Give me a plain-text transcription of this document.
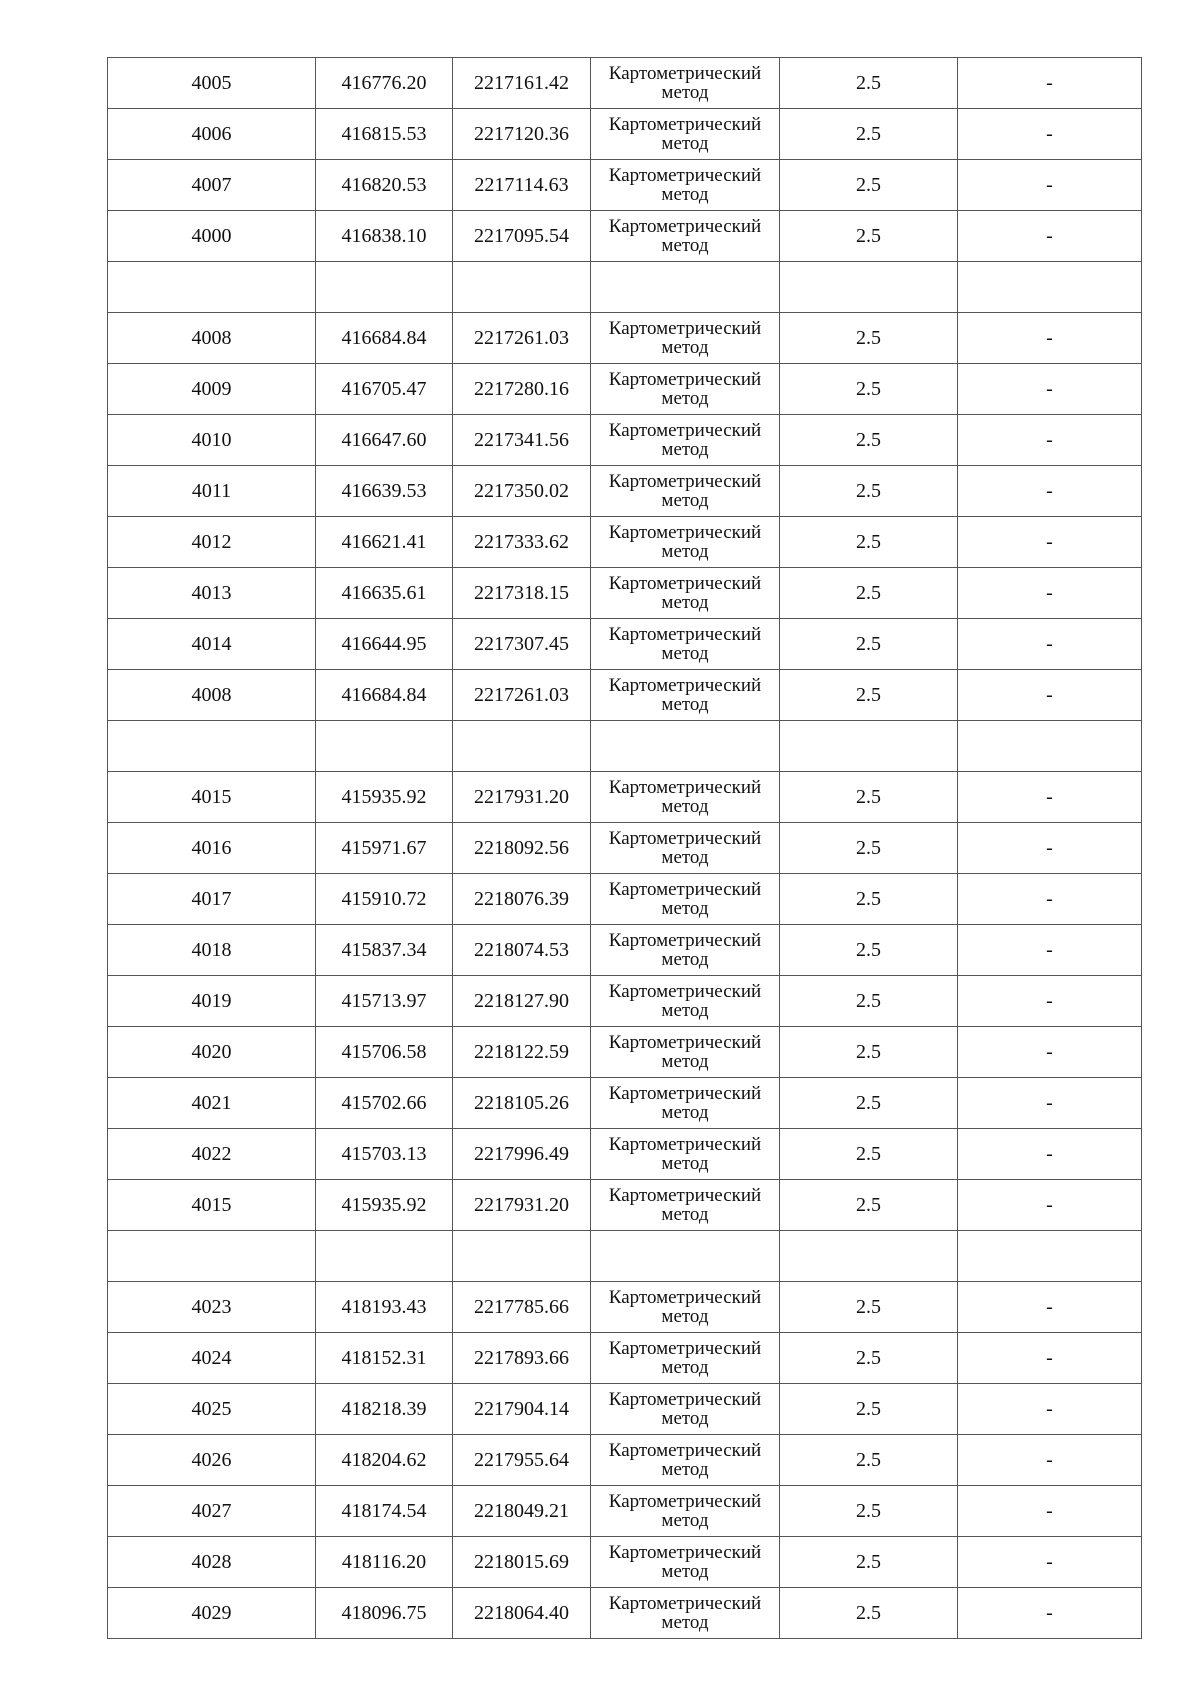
4005	416776.20	2217161.42	Картометрический метод	2.5	-
4006	416815.53	2217120.36	Картометрический метод	2.5	-
4007	416820.53	2217114.63	Картометрический метод	2.5	-
4000	416838.10	2217095.54	Картометрический метод	2.5	-

4008	416684.84	2217261.03	Картометрический метод	2.5	-
4009	416705.47	2217280.16	Картометрический метод	2.5	-
4010	416647.60	2217341.56	Картометрический метод	2.5	-
4011	416639.53	2217350.02	Картометрический метод	2.5	-
4012	416621.41	2217333.62	Картометрический метод	2.5	-
4013	416635.61	2217318.15	Картометрический метод	2.5	-
4014	416644.95	2217307.45	Картометрический метод	2.5	-
4008	416684.84	2217261.03	Картометрический метод	2.5	-

4015	415935.92	2217931.20	Картометрический метод	2.5	-
4016	415971.67	2218092.56	Картометрический метод	2.5	-
4017	415910.72	2218076.39	Картометрический метод	2.5	-
4018	415837.34	2218074.53	Картометрический метод	2.5	-
4019	415713.97	2218127.90	Картометрический метод	2.5	-
4020	415706.58	2218122.59	Картометрический метод	2.5	-
4021	415702.66	2218105.26	Картометрический метод	2.5	-
4022	415703.13	2217996.49	Картометрический метод	2.5	-
4015	415935.92	2217931.20	Картометрический метод	2.5	-

4023	418193.43	2217785.66	Картометрический метод	2.5	-
4024	418152.31	2217893.66	Картометрический метод	2.5	-
4025	418218.39	2217904.14	Картометрический метод	2.5	-
4026	418204.62	2217955.64	Картометрический метод	2.5	-
4027	418174.54	2218049.21	Картометрический метод	2.5	-
4028	418116.20	2218015.69	Картометрический метод	2.5	-
4029	418096.75	2218064.40	Картометрический метод	2.5	-
